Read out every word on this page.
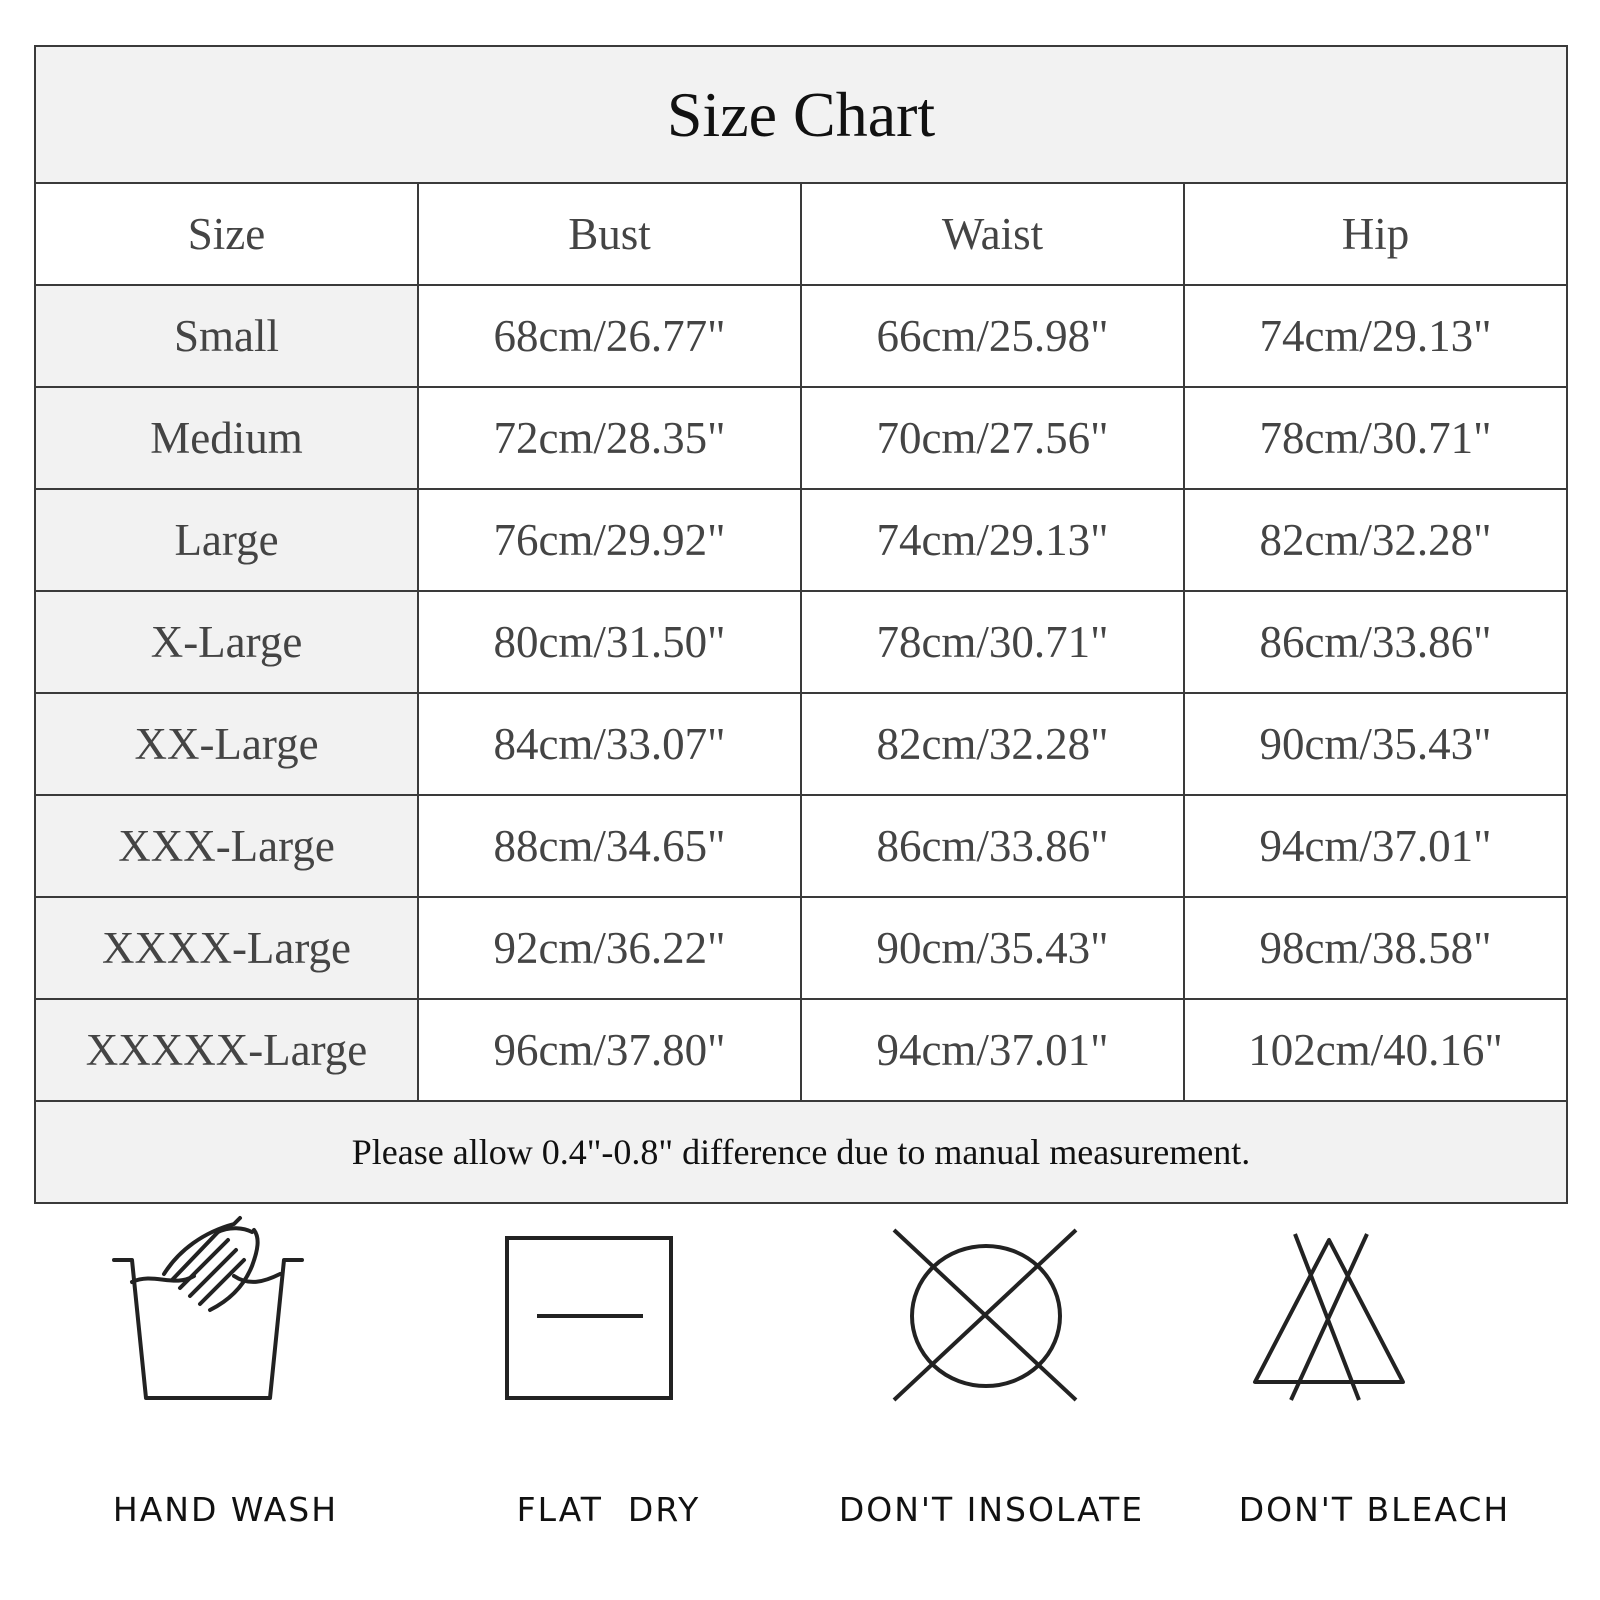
Size Chart			
Size	Bust	Waist	Hip
Small	68cm/26.77"	66cm/25.98"	74cm/29.13"
Medium	72cm/28.35"	70cm/27.56"	78cm/30.71"
Large	76cm/29.92"	74cm/29.13"	82cm/32.28"
X-Large	80cm/31.50"	78cm/30.71"	86cm/33.86"
XX-Large	84cm/33.07"	82cm/32.28"	90cm/35.43"
XXX-Large	88cm/34.65"	86cm/33.86"	94cm/37.01"
XXXX-Large	92cm/36.22"	90cm/35.43"	98cm/38.58"
XXXXX-Large	96cm/37.80"	94cm/37.01"	102cm/40.16"
Please allow 0.4"-0.8" difference due to manual measurement.			
HAND WASH	FLAT  DRY	DON'T INSOLATE	DON'T BLEACH
